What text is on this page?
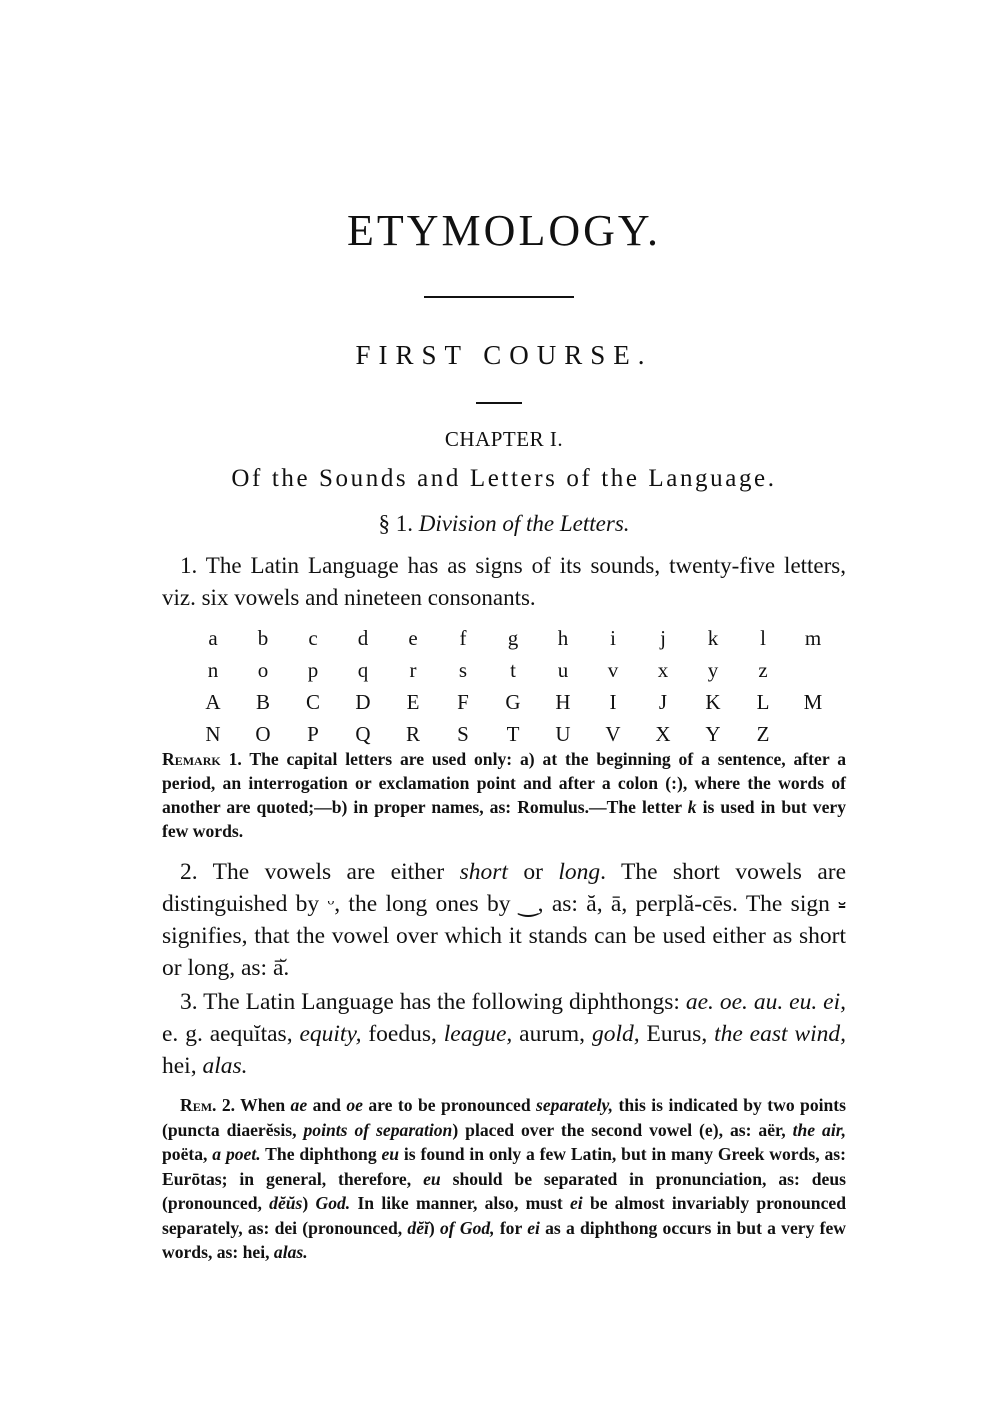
ETYMOLOGY.
FIRST COURSE.
CHAPTER I.
Of the Sounds and Letters of the Language.
§ 1. Division of the Letters.
1. The Latin Language has as signs of its sounds, twenty-five letters, viz. six vowels and nineteen consonants.
a	b	c	d	e	f	g	h	i	j	k	l	m
n	o	p	q	r	s	t	u	v	x	y	z
A	B	C	D	E	F	G	H	I	J	K	L	M
N	O	P	Q	R	S	T	U	V	X	Y	Z
Remark 1. The capital letters are used only: a) at the beginning of a sentence, after a period, an interrogation or exclamation point and after a colon (:), where the words of another are quoted;—b) in proper names, as: Romulus.—The letter k is used in but very few words.
2. The vowels are either short or long. The short vowels are distinguished by ᵕ, the long ones by ‿, as: ă, ā, perplă-cēs. The sign ⏓ signifies, that the vowel over which it stands can be used either as short or long, as: ā̆.
3. The Latin Language has the following diphthongs: ae. oe. au. eu. ei, e. g. aequĭtas, equity, foedus, league, aurum, gold, Eurus, the east wind, hei, alas.
Rem. 2. When ae and oe are to be pronounced separately, this is indicated by two points (puncta diaerĕsis, points of separation) placed over the second vowel (e), as: aër, the air, poëta, a poet. The diphthong eu is found in only a few Latin, but in many Greek words, as: Eurōtas; in general, therefore, eu should be separated in pronunciation, as: deus (pronounced, dĕŭs) God. In like manner, also, must ei be almost invariably pronounced separately, as: dei (pronounced, dĕĭ) of God, for ei as a diphthong occurs in but a very few words, as: hei, alas.
